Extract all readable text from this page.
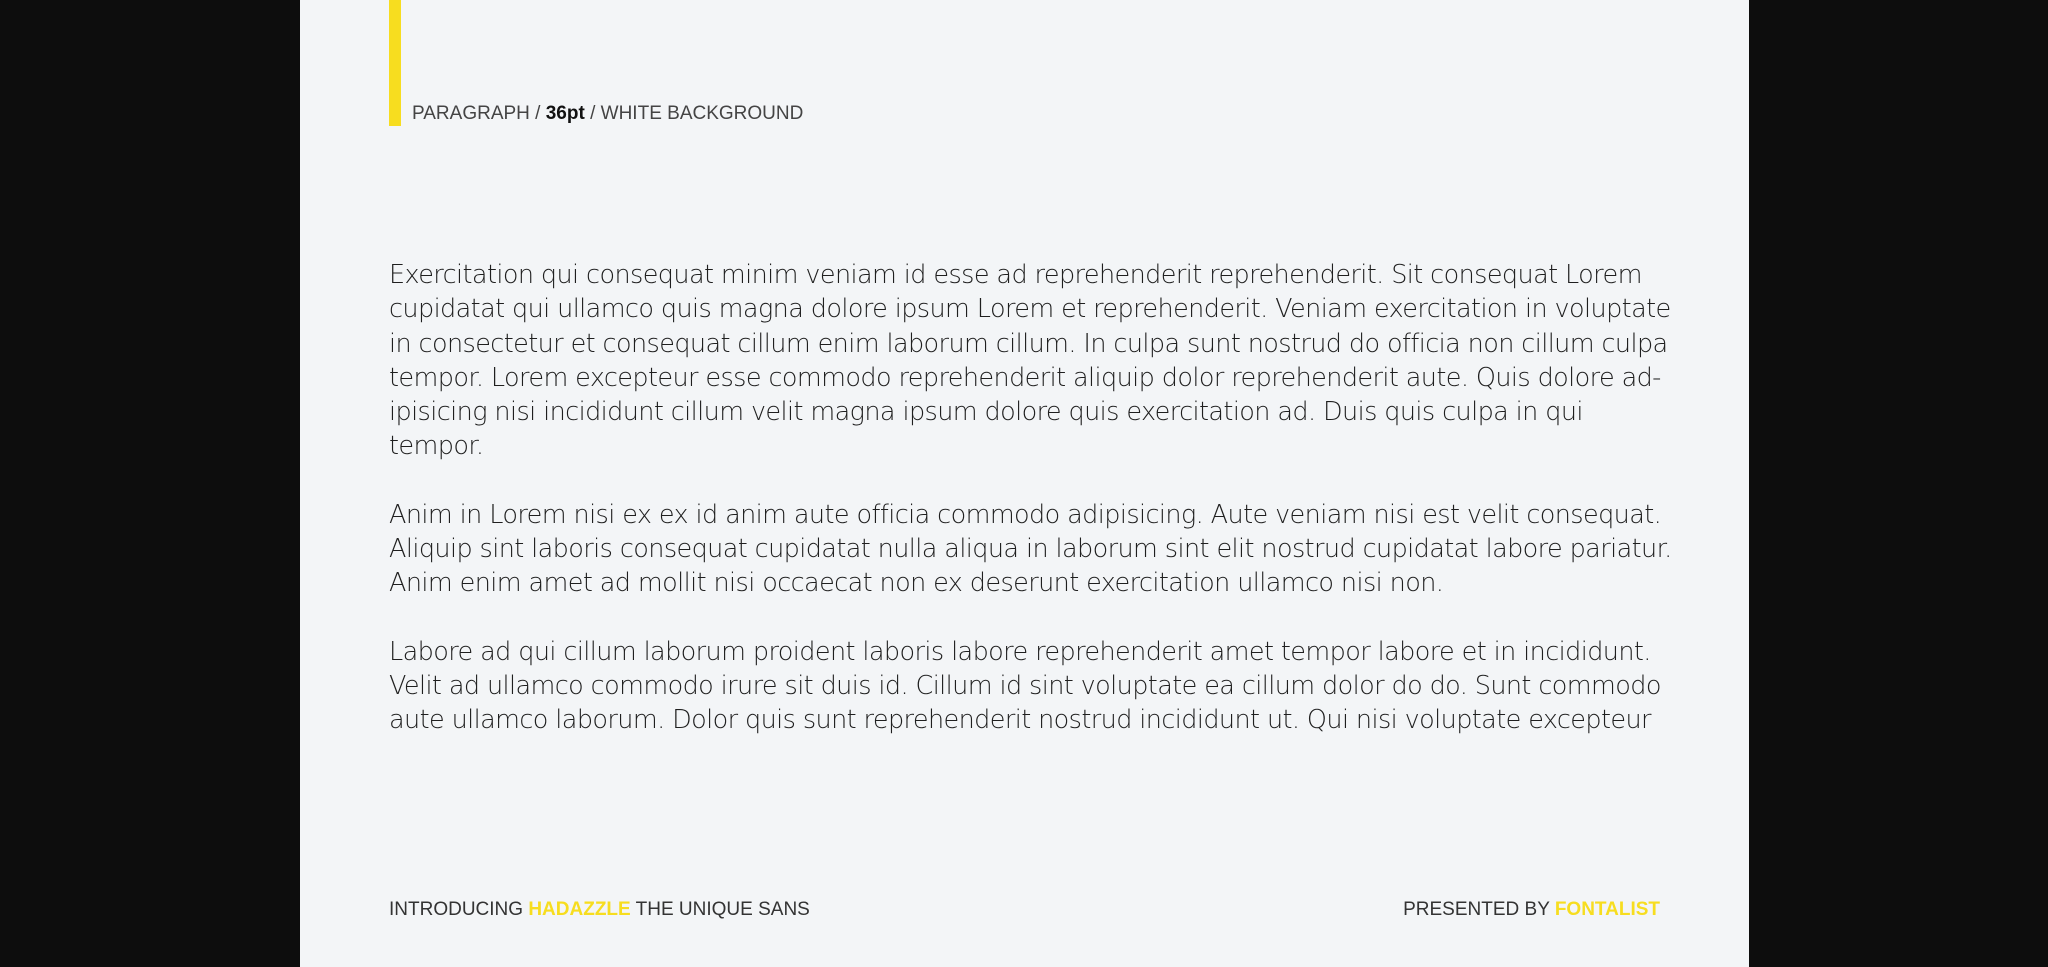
PARAGRAPH / 36pt / WHITE BACKGROUND

Exercitation qui consequat minim veniam id esse ad reprehenderit reprehenderit. Sit consequat Lorem
cupidatat qui ullamco quis magna dolore ipsum Lorem et reprehenderit. Veniam exercitation in voluptate
in consectetur et consequat cillum enim laborum cillum. In culpa sunt nostrud do officia non cillum culpa
tempor. Lorem excepteur esse commodo reprehenderit aliquip dolor reprehenderit aute. Quis dolore ad-
ipisicing nisi incididunt cillum velit magna ipsum dolore quis exercitation ad. Duis quis culpa in qui tempor.

Anim in Lorem nisi ex ex id anim aute officia commodo adipisicing. Aute veniam nisi est velit consequat.
Aliquip sint laboris consequat cupidatat nulla aliqua in laborum sint elit nostrud cupidatat labore pariatur.
Anim enim amet ad mollit nisi occaecat non ex deserunt exercitation ullamco nisi non.

Labore ad qui cillum laborum proident laboris labore reprehenderit amet tempor labore et in incididunt.
Velit ad ullamco commodo irure sit duis id. Cillum id sint voluptate ea cillum dolor do do. Sunt commodo
aute ullamco laborum. Dolor quis sunt reprehenderit nostrud incididunt ut. Qui nisi voluptate excepteur

INTRODUCING HADAZZLE THE UNIQUE SANS	PRESENTED BY FONTALIST
